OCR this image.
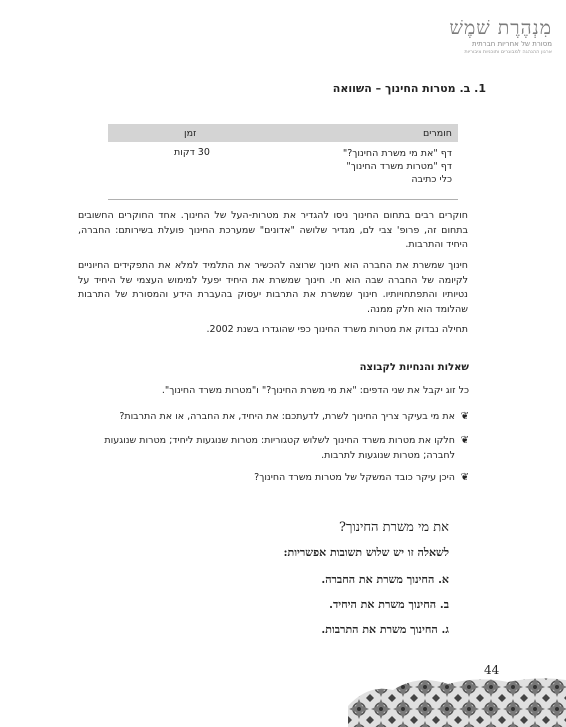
מִנְהֶרֶת שׁמֶשׁ
מסורת של אחריות חברתית
ארגון ההנהגה למבוגרים ותוכניות ציבוריות
1. ב. מטרות החינוך – השוואה
חומרים
זמן
דף "את מי משרת החינוך?"
דף "מטרות משרד החינוך"
כלי כתיבה
30 דקות
חוקרים רבים בתחום החינוך ניסו להגדיר את מטרות-העל של החינוך. אחד החוקרים החשובים בתחום זה, פרופ' צבי לם, מגדיר שלושה "אדונים" שמערכת החינוך פועלת בשירותם: החברה, היחיד והתרבות.
חינוך שמשרת את החברה הוא חינוך שרוצה להכשיר את התלמיד למלא את התפקידים החיוניים לקיומה של החברה שבה הוא חי. חינוך שמשרת את היחיד יפעל למימוש העצמי של היחיד על נטיותיו והתפתחויותיו. חינוך שמשרת את התרבות יעסוק בהעברת הידע והמסורת של התרבות שהלומד הוא חלק ממנה.
תחילה נבדוק את מטרות משרד החינוך כפי שהוגדרו בשנת 2002.
שאלות והנחיות לקבוצה
כל זוג יקבל את שני הדפים: "את מי משרת החינוך?" ו"מטרות משרד החינוך".
❦
את מי בעיקר צריך החינוך לשרת, לדעתכם: את היחיד, את החברה, או את התרבות?
❦
חלקו את מטרות משרד החינוך לשלוש קטגוריות: מטרות שנוגעות ליחיד; מטרות שנוגעות לחברה; מטרות שנוגעות לתרבות.
❦
היכן עיקר כובד המשקל של מטרות משרד החינוך?
את מי משרת החינוך?
לשאלה זו יש שלוש תשובות אפשריות:
א. החינוך משרת את החברה.
ב. החינוך משרת את היחיד.
ג. החינוך משרת את התרבות.
44
